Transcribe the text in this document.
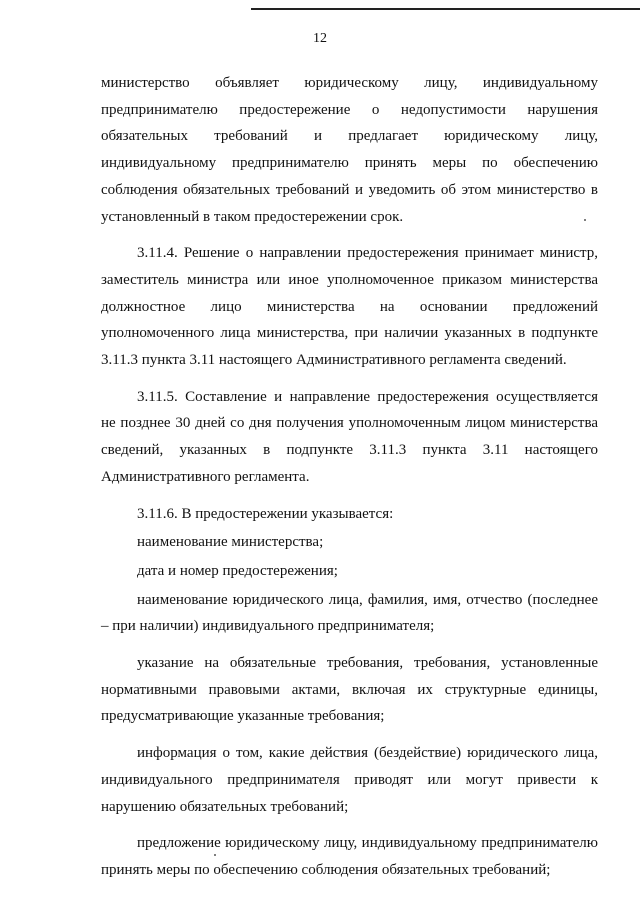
12

министерство объявляет юридическому лицу, индивидуальному предпринимателю предостережение о недопустимости нарушения обязательных требований и предлагает юридическому лицу, индивидуальному предпринимателю принять меры по обеспечению соблюдения обязательных требований и уведомить об этом министерство в установленный в таком предостережении срок.

3.11.4. Решение о направлении предостережения принимает министр, заместитель министра или иное уполномоченное приказом министерства должностное лицо министерства на основании предложений уполномоченного лица министерства, при наличии указанных в подпункте 3.11.3 пункта 3.11 настоящего Административного регламента сведений.

3.11.5. Составление и направление предостережения осуществляется не позднее 30 дней со дня получения уполномоченным лицом министерства сведений, указанных в подпункте 3.11.3 пункта 3.11 настоящего Административного регламента.

3.11.6. В предостережении указывается:

наименование министерства;

дата и номер предостережения;

наименование юридического лица, фамилия, имя, отчество (последнее – при наличии) индивидуального предпринимателя;

указание на обязательные требования, требования, установленные нормативными правовыми актами, включая их структурные единицы, предусматривающие указанные требования;

информация о том, какие действия (бездействие) юридического лица, индивидуального предпринимателя приводят или могут привести к нарушению обязательных требований;

предложение юридическому лицу, индивидуальному предпринимателю принять меры по обеспечению соблюдения обязательных требований;
